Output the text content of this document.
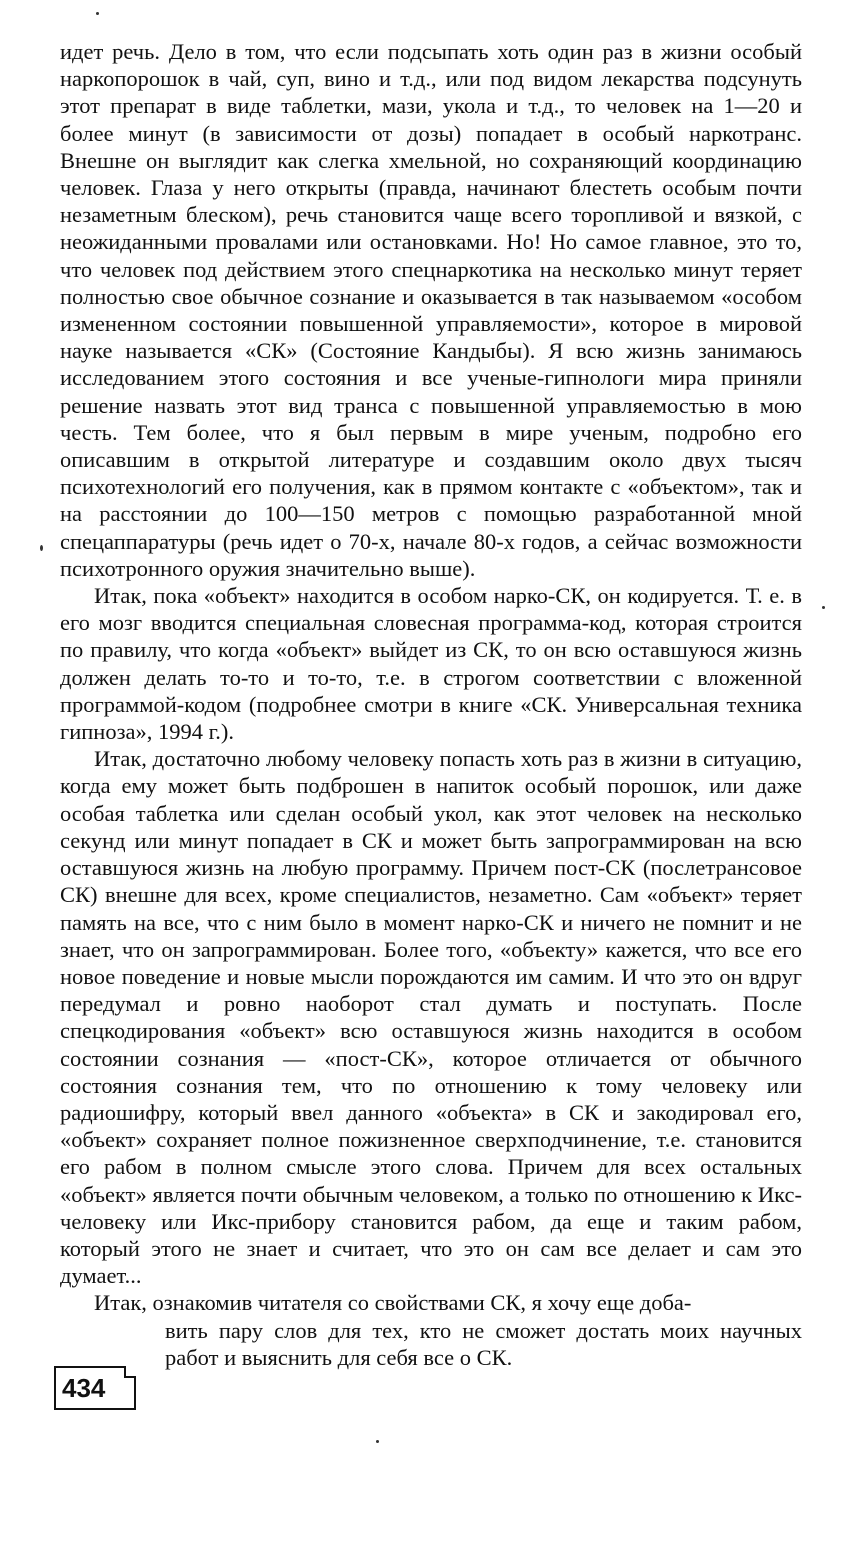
идет речь. Дело в том, что если подсыпать хоть один раз в жизни особый наркопорошок в чай, суп, вино и т.д., или под видом лекарства подсунуть этот препарат в виде таблетки, мази, укола и т.д., то человек на 1—20 и более минут (в зависимости от дозы) попадает в особый наркотранс. Внешне он выглядит как слегка хмельной, но сохраняющий координацию человек. Глаза у него открыты (правда, начинают блестеть особым почти незаметным блеском), речь становится чаще всего торопливой и вязкой, с неожиданными провалами или остановками. Но! Но самое главное, это то, что человек под действием этого спецнаркотика на несколько минут теряет полностью свое обычное сознание и оказывается в так называемом «особом измененном состоянии повышенной управляемости», которое в мировой науке называется «СК» (Состояние Кандыбы). Я всю жизнь занимаюсь исследованием этого состояния и все ученые-гипнологи мира приняли решение назвать этот вид транса с повышенной управляемостью в мою честь. Тем более, что я был первым в мире ученым, подробно его описавшим в открытой литературе и создавшим около двух тысяч психотехнологий его получения, как в прямом контакте с «объектом», так и на расстоянии до 100—150 метров с помощью разработанной мной спецаппаратуры (речь идет о 70-х, начале 80-х годов, а сейчас возможности психотронного оружия значительно выше).

Итак, пока «объект» находится в особом нарко-СК, он кодируется. Т. е. в его мозг вводится специальная словесная программа-код, которая строится по правилу, что когда «объект» выйдет из СК, то он всю оставшуюся жизнь должен делать то-то и то-то, т.е. в строгом соответствии с вложенной программой-кодом (подробнее смотри в книге «СК. Универсальная техника гипноза», 1994 г.).

Итак, достаточно любому человеку попасть хоть раз в жизни в ситуацию, когда ему может быть подброшен в напиток особый порошок, или даже особая таблетка или сделан особый укол, как этот человек на несколько секунд или минут попадает в СК и может быть запрограммирован на всю оставшуюся жизнь на любую программу. Причем пост-СК (послетрансовое СК) внешне для всех, кроме специалистов, незаметно. Сам «объект» теряет память на все, что с ним было в момент нарко-СК и ничего не помнит и не знает, что он запрограммирован. Более того, «объекту» кажется, что все его новое поведение и новые мысли порождаются им самим. И что это он вдруг передумал и ровно наоборот стал думать и поступать. После спецкодирования «объект» всю оставшуюся жизнь находится в особом состоянии сознания — «пост-СК», которое отличается от обычного состояния сознания тем, что по отношению к тому человеку или радиошифру, который ввел данного «объекта» в СК и закодировал его, «объект» сохраняет полное пожизненное сверхподчинение, т.е. становится его рабом в полном смысле этого слова. Причем для всех остальных «объект» является почти обычным человеком, а только по отношению к Икс-человеку или Икс-прибору становится рабом, да еще и таким рабом, который этого не знает и считает, что это он сам все делает и сам это думает...

Итак, ознакомив читателя со свойствами СК, я хочу еще доба-

вить пару слов для тех, кто не сможет достать моих научных работ и выяснить для себя все о СК.

434
